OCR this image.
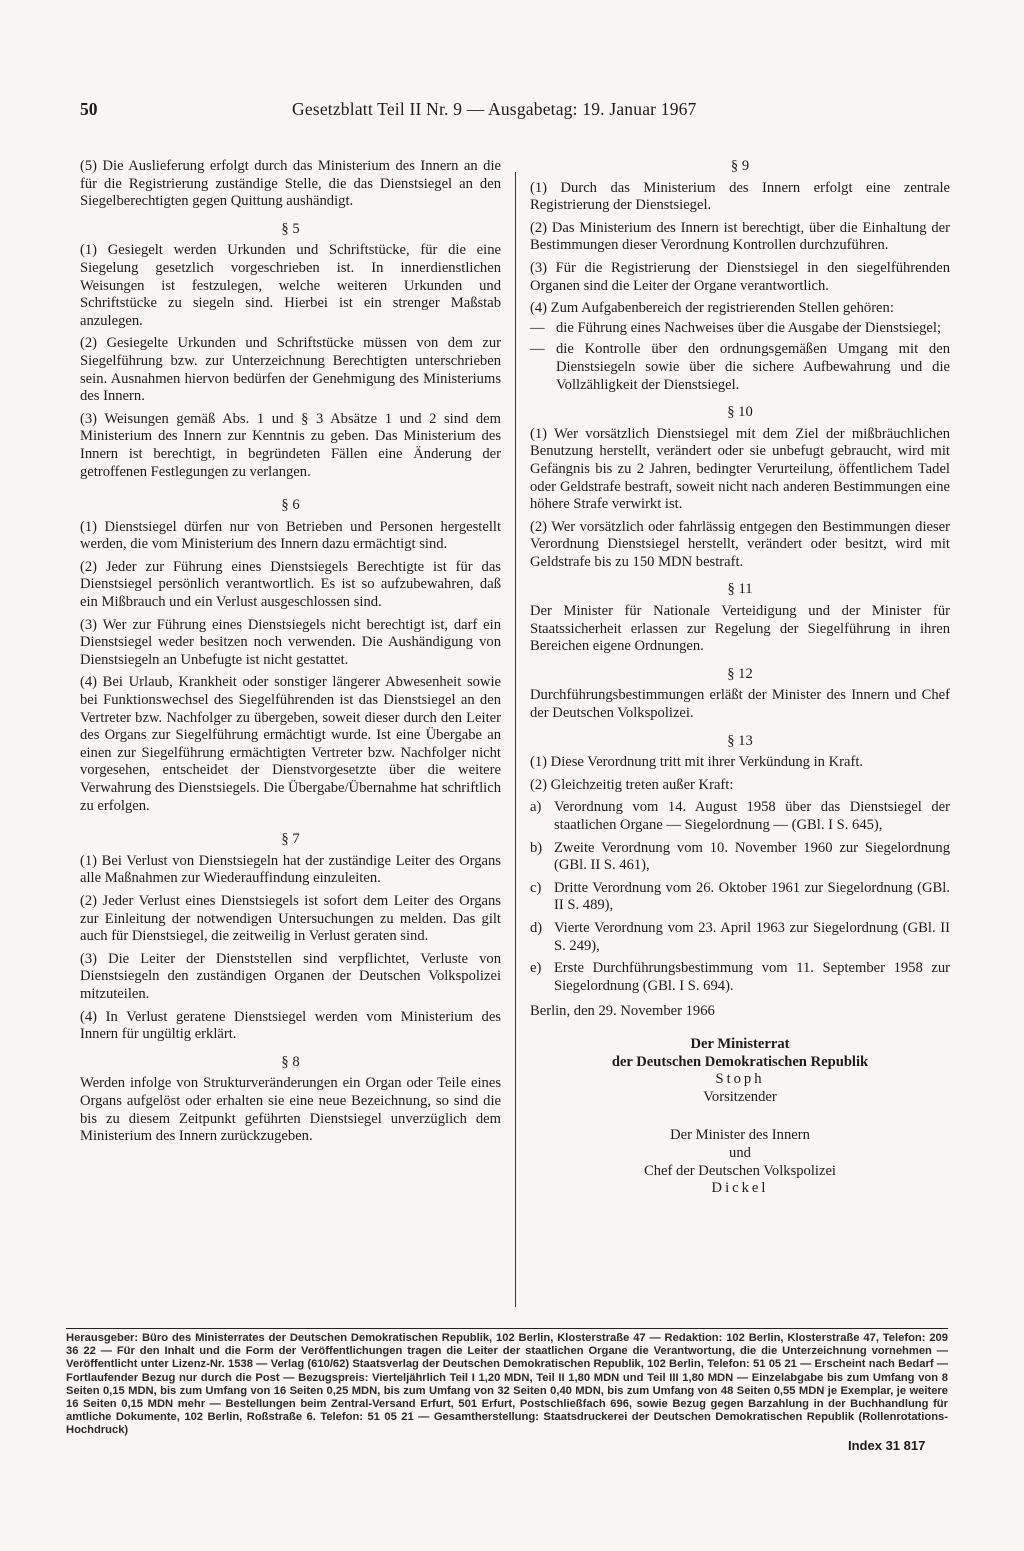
50	Gesetzblatt Teil II Nr. 9 — Ausgabetag: 19. Januar 1967

(5) Die Auslieferung erfolgt durch das Ministerium des Innern an die für die Registrierung zuständige Stelle, die das Dienstsiegel an den Siegelberechtigten gegen Quittung aushändigt.

§ 5

(1) Gesiegelt werden Urkunden und Schriftstücke, für die eine Siegelung gesetzlich vorgeschrieben ist. In innerdienstlichen Weisungen ist festzulegen, welche weiteren Urkunden und Schriftstücke zu siegeln sind. Hierbei ist ein strenger Maßstab anzulegen.

(2) Gesiegelte Urkunden und Schriftstücke müssen von dem zur Siegelführung bzw. zur Unterzeichnung Berechtigten unterschrieben sein. Ausnahmen hiervon bedürfen der Genehmigung des Ministeriums des Innern.

(3) Weisungen gemäß Abs. 1 und § 3 Absätze 1 und 2 sind dem Ministerium des Innern zur Kenntnis zu geben. Das Ministerium des Innern ist berechtigt, in begründeten Fällen eine Änderung der getroffenen Festlegungen zu verlangen.

§ 6

(1) Dienstsiegel dürfen nur von Betrieben und Personen hergestellt werden, die vom Ministerium des Innern dazu ermächtigt sind.

(2) Jeder zur Führung eines Dienstsiegels Berechtigte ist für das Dienstsiegel persönlich verantwortlich. Es ist so aufzubewahren, daß ein Mißbrauch und ein Verlust ausgeschlossen sind.

(3) Wer zur Führung eines Dienstsiegels nicht berechtigt ist, darf ein Dienstsiegel weder besitzen noch verwenden. Die Aushändigung von Dienstsiegeln an Unbefugte ist nicht gestattet.

(4) Bei Urlaub, Krankheit oder sonstiger längerer Abwesenheit sowie bei Funktionswechsel des Siegelführenden ist das Dienstsiegel an den Vertreter bzw. Nachfolger zu übergeben, soweit dieser durch den Leiter des Organs zur Siegelführung ermächtigt wurde. Ist eine Übergabe an einen zur Siegelführung ermächtigten Vertreter bzw. Nachfolger nicht vorgesehen, entscheidet der Dienstvorgesetzte über die weitere Verwahrung des Dienstsiegels. Die Übergabe/Übernahme hat schriftlich zu erfolgen.

§ 7

(1) Bei Verlust von Dienstsiegeln hat der zuständige Leiter des Organs alle Maßnahmen zur Wiederauffindung einzuleiten.

(2) Jeder Verlust eines Dienstsiegels ist sofort dem Leiter des Organs zur Einleitung der notwendigen Untersuchungen zu melden. Das gilt auch für Dienstsiegel, die zeitweilig in Verlust geraten sind.

(3) Die Leiter der Dienststellen sind verpflichtet, Verluste von Dienstsiegeln den zuständigen Organen der Deutschen Volkspolizei mitzuteilen.

(4) In Verlust geratene Dienstsiegel werden vom Ministerium des Innern für ungültig erklärt.

§ 8

Werden infolge von Strukturveränderungen ein Organ oder Teile eines Organs aufgelöst oder erhalten sie eine neue Bezeichnung, so sind die bis zu diesem Zeitpunkt geführten Dienstsiegel unverzüglich dem Ministerium des Innern zurückzugeben.

§ 9

(1) Durch das Ministerium des Innern erfolgt eine zentrale Registrierung der Dienstsiegel.

(2) Das Ministerium des Innern ist berechtigt, über die Einhaltung der Bestimmungen dieser Verordnung Kontrollen durchzuführen.

(3) Für die Registrierung der Dienstsiegel in den siegelführenden Organen sind die Leiter der Organe verantwortlich.

(4) Zum Aufgabenbereich der registrierenden Stellen gehören:

— die Führung eines Nachweises über die Ausgabe der Dienstsiegel;
— die Kontrolle über den ordnungsgemäßen Umgang mit den Dienstsiegeln sowie über die sichere Aufbewahrung und die Vollzähligkeit der Dienstsiegel.
§ 10

(1) Wer vorsätzlich Dienstsiegel mit dem Ziel der mißbräuchlichen Benutzung herstellt, verändert oder sie unbefugt gebraucht, wird mit Gefängnis bis zu 2 Jahren, bedingter Verurteilung, öffentlichem Tadel oder Geldstrafe bestraft, soweit nicht nach anderen Bestimmungen eine höhere Strafe verwirkt ist.

(2) Wer vorsätzlich oder fahrlässig entgegen den Bestimmungen dieser Verordnung Dienstsiegel herstellt, verändert oder besitzt, wird mit Geldstrafe bis zu 150 MDN bestraft.

§ 11

Der Minister für Nationale Verteidigung und der Minister für Staatssicherheit erlassen zur Regelung der Siegelführung in ihren Bereichen eigene Ordnungen.

§ 12

Durchführungsbestimmungen erläßt der Minister des Innern und Chef der Deutschen Volkspolizei.

§ 13

(1) Diese Verordnung tritt mit ihrer Verkündung in Kraft.

(2) Gleichzeitig treten außer Kraft:

a) Verordnung vom 14. August 1958 über das Dienstsiegel der staatlichen Organe — Siegelordnung — (GBl. I S. 645),
b) Zweite Verordnung vom 10. November 1960 zur Siegelordnung (GBl. II S. 461),
c) Dritte Verordnung vom 26. Oktober 1961 zur Siegelordnung (GBl. II S. 489),
d) Vierte Verordnung vom 23. April 1963 zur Siegelordnung (GBl. II S. 249),
e) Erste Durchführungsbestimmung vom 11. September 1958 zur Siegelordnung (GBl. I S. 694).

Berlin, den 29. November 1966

Der Ministerrat
der Deutschen Demokratischen Republik
Stoph
Vorsitzender

Der Minister des Innern
und
Chef der Deutschen Volkspolizei
Dickel

Herausgeber: Büro des Ministerrates der Deutschen Demokratischen Republik, 102 Berlin, Klosterstraße 47 — Redaktion: 102 Berlin, Klosterstraße 47, Telefon: 209 36 22 — Für den Inhalt und die Form der Veröffentlichungen tragen die Leiter der staatlichen Organe die Verantwortung, die die Unterzeichnung vornehmen — Veröffentlicht unter Lizenz-Nr. 1538 — Verlag (610/62) Staatsverlag der Deutschen Demokratischen Republik, 102 Berlin, Telefon: 51 05 21 — Erscheint nach Bedarf — Fortlaufender Bezug nur durch die Post — Bezugspreis: Vierteljährlich Teil I 1,20 MDN, Teil II 1,80 MDN und Teil III 1,80 MDN — Einzelabgabe bis zum Umfang von 8 Seiten 0,15 MDN, bis zum Umfang von 16 Seiten 0,25 MDN, bis zum Umfang von 32 Seiten 0,40 MDN, bis zum Umfang von 48 Seiten 0,55 MDN je Exemplar, je weitere 16 Seiten 0,15 MDN mehr — Bestellungen beim Zentral-Versand Erfurt, 501 Erfurt, Postschließfach 696, sowie Bezug gegen Barzahlung in der Buchhandlung für amtliche Dokumente, 102 Berlin, Roßstraße 6. Telefon: 51 05 21 — Gesamtherstellung: Staatsdruckerei der Deutschen Demokratischen Republik (Rollenrotations-Hochdruck)
Index 31 817
